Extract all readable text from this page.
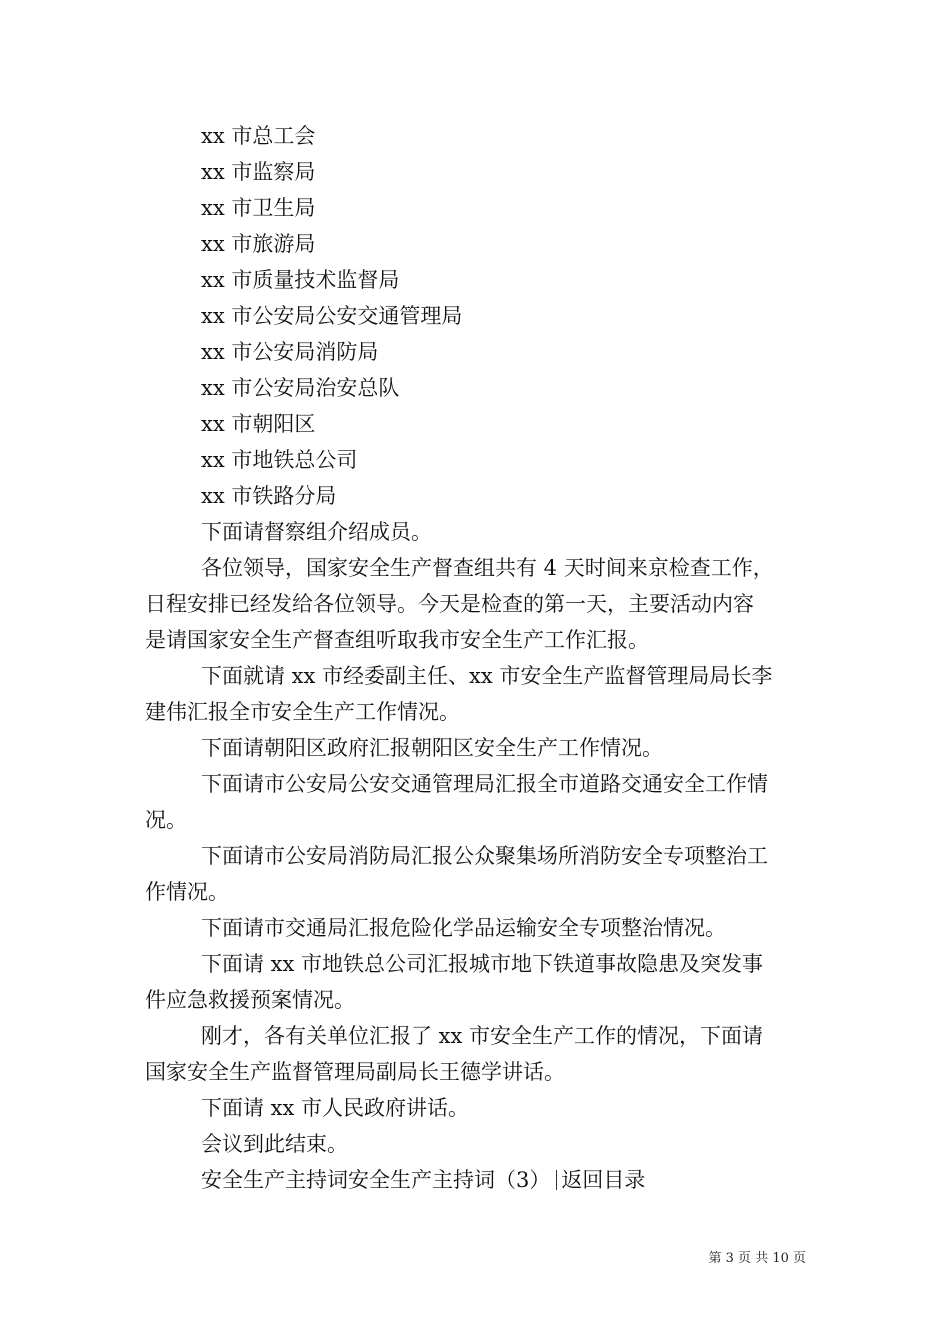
xx 市总工会
xx 市监察局
xx 市卫生局
xx 市旅游局
xx 市质量技术监督局
xx 市公安局公安交通管理局
xx 市公安局消防局
xx 市公安局治安总队
xx 市朝阳区
xx 市地铁总公司
xx 市铁路分局

下面请督察组介绍成员。

各位领导，国家安全生产督查组共有 4 天时间来京检查工作，
日程安排已经发给各位领导。今天是检查的第一天，主要活动内容
是请国家安全生产督查组听取我市安全生产工作汇报。

下面就请 xx 市经委副主任、xx 市安全生产监督管理局局长李
建伟汇报全市安全生产工作情况。

下面请朝阳区政府汇报朝阳区安全生产工作情况。

下面请市公安局公安交通管理局汇报全市道路交通安全工作情
况。

下面请市公安局消防局汇报公众聚集场所消防安全专项整治工
作情况。

下面请市交通局汇报危险化学品运输安全专项整治情况。

下面请 xx 市地铁总公司汇报城市地下铁道事故隐患及突发事
件应急救援预案情况。

刚才，各有关单位汇报了 xx 市安全生产工作的情况，下面请
国家安全生产监督管理局副局长王德学讲话。

下面请 xx 市人民政府讲话。

会议到此结束。

安全生产主持词安全生产主持词（3） 返回目录

第 3 页 共 10 页
